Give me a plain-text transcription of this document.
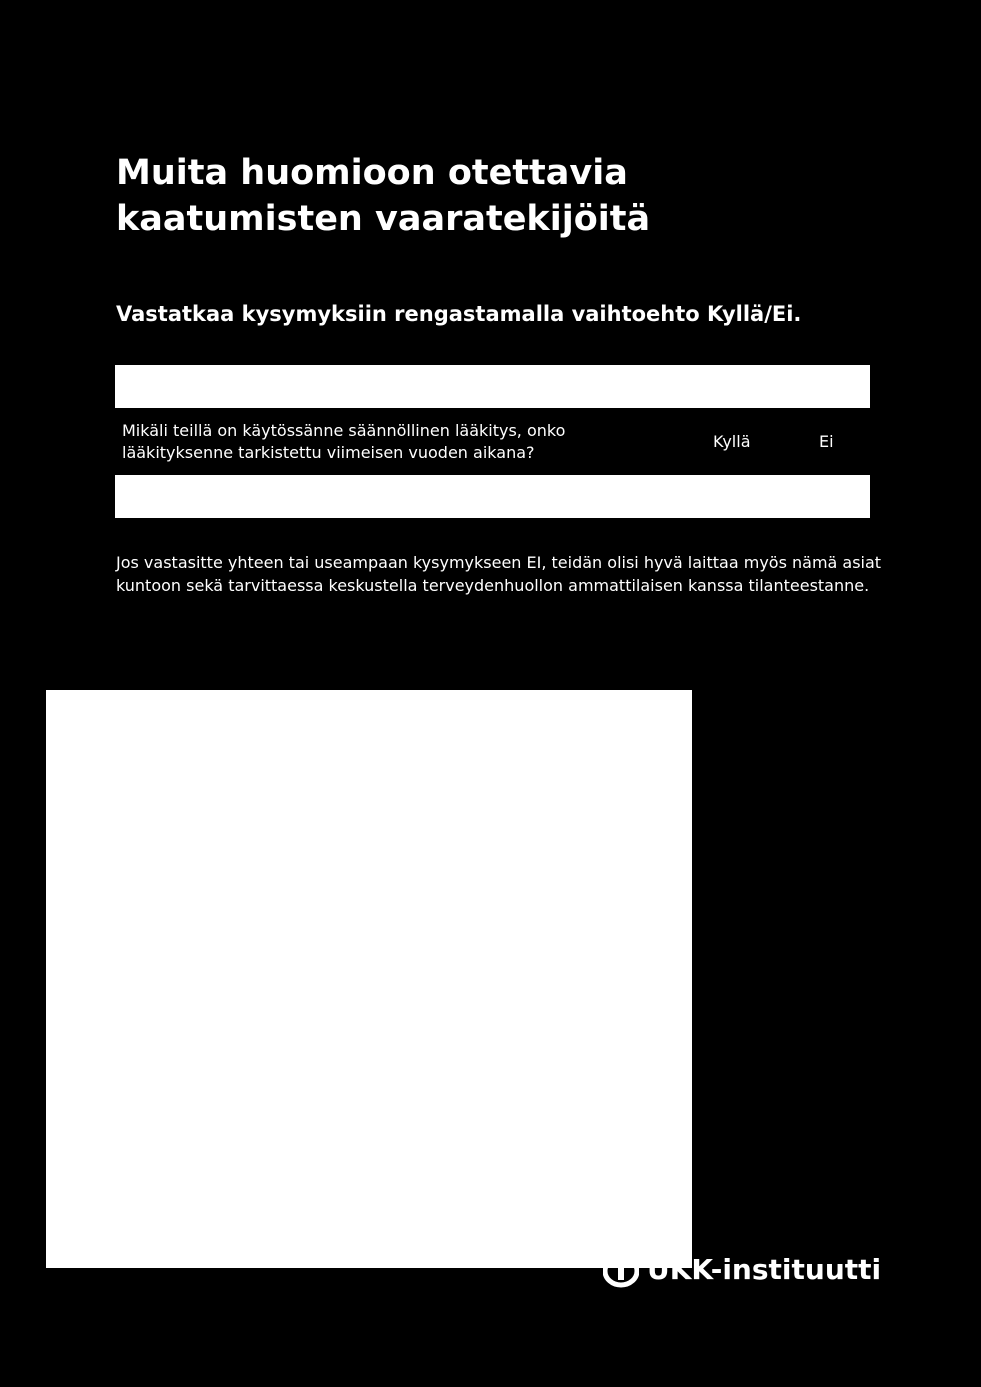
Muita huomioon otettavia kaatumisten vaaratekijöitä

Vastatkaa kysymyksiin rengastamalla vaihtoehto Kyllä/Ei.

Mikäli teillä on käytössänne säännöllinen lääkitys, onko lääkityksenne tarkistettu viimeisen vuoden aikana?
Kyllä	Ei

Jos vastasitte yhteen tai useampaan kysymykseen EI, teidän olisi hyvä laittaa myös nämä asiat kuntoon sekä tarvittaessa keskustella terveydenhuollon ammattilaisen kanssa tilanteestanne.

UKK-instituutti
